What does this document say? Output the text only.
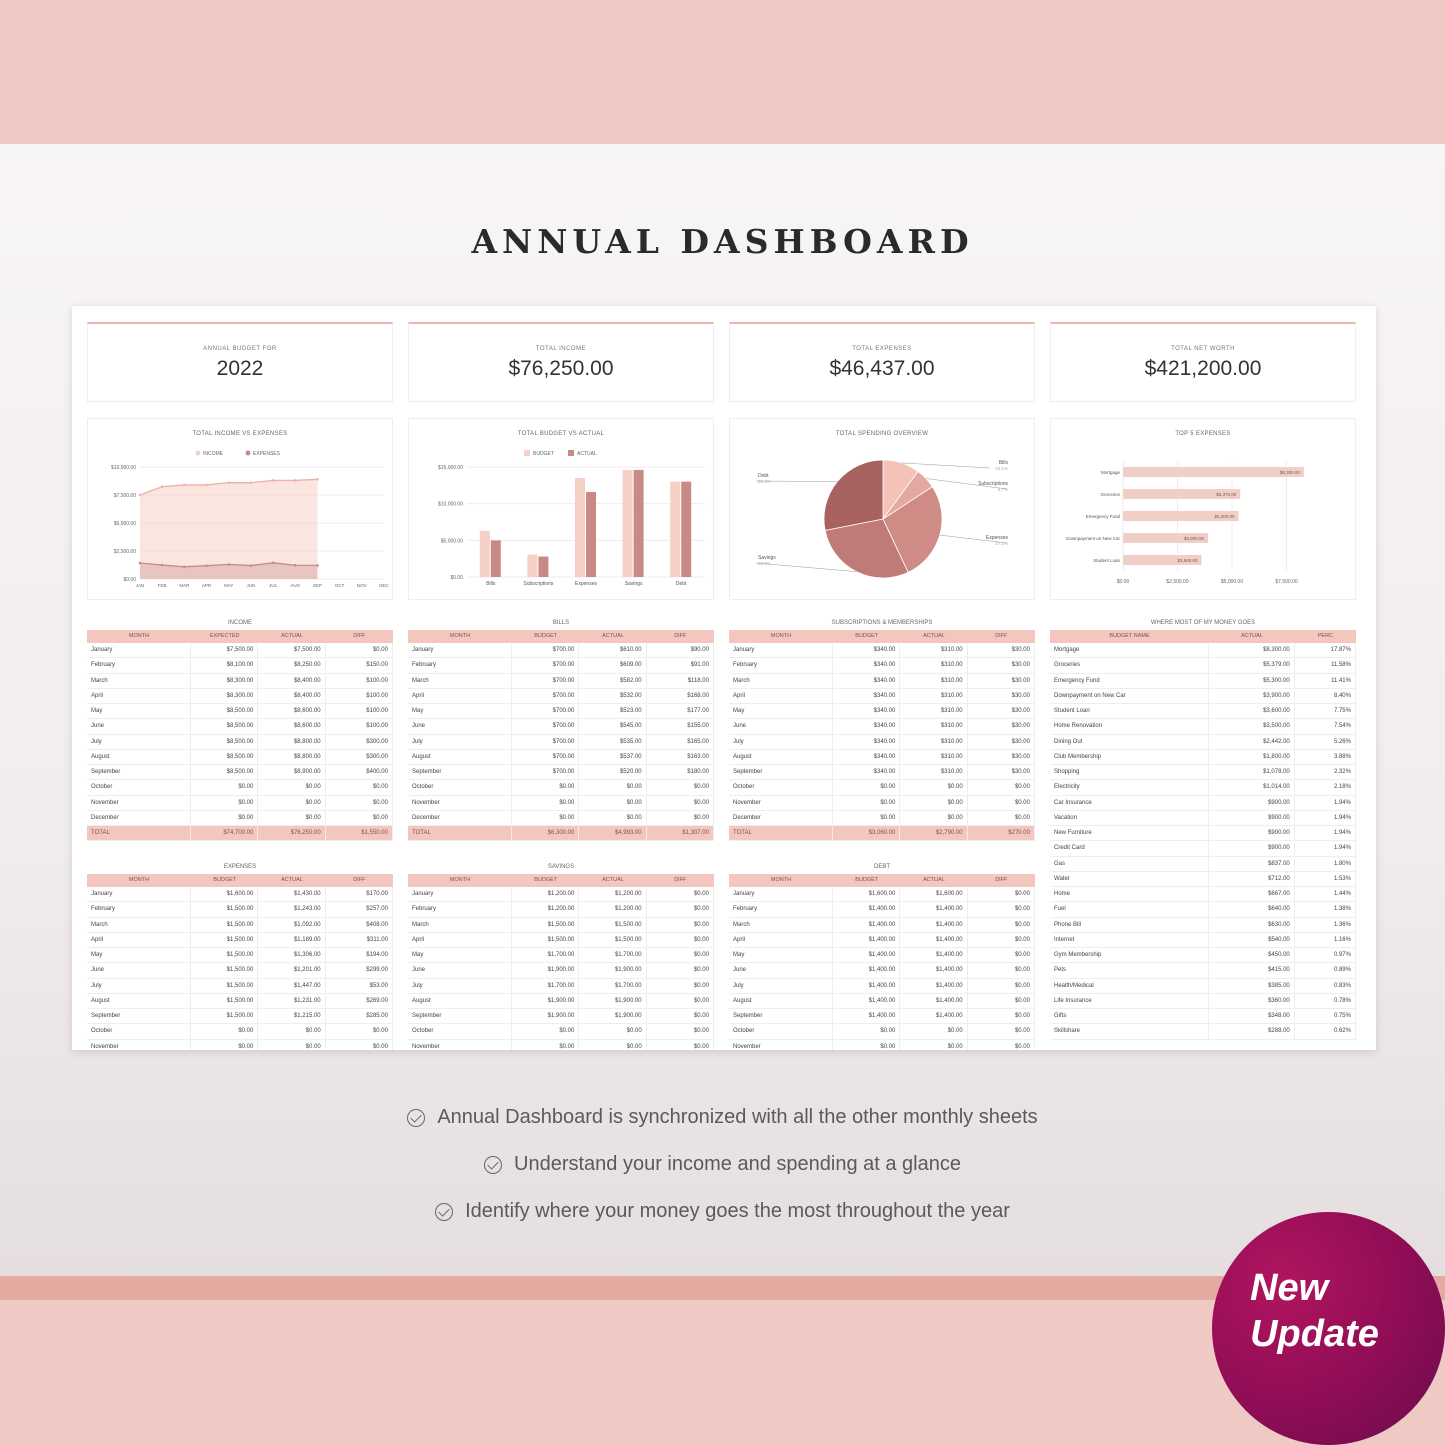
ANNUAL DASHBOARD
ANNUAL BUDGET FOR
2022
TOTAL INCOME
$76,250.00
TOTAL EXPENSES
$46,437.00
TOTAL NET WORTH
$421,200.00
TOTAL INCOME VS EXPENSES
$10,000.00
$7,500.00
$5,000.00
$2,500.00
$0.00
JAN	FEB	MAR	APR	MAY	JUN	JUL	AUG	SEP	OCT	NOV	DEC
INCOME	EXPENSES
TOTAL BUDGET VS ACTUAL
$15,000.00
$10,000.00
$5,000.00
$0.00
Bills	Subscriptions	Expenses	Savings	Debt
BUDGET	ACTUAL
TOTAL SPENDING OVERVIEW
Bills
10.1%
Subscriptions
5.7%
Expenses
27.2%
Savings
28.9%
Debt
28.1%
TOP 5 EXPENSES
$0.00	$2,500.00	$5,000.00	$7,500.00
$8,300.00
Mortgage
$5,379.00
Groceries
$5,300.00
Emergency Fund
$3,900.00
Downpayment on New Car
$3,600.00
Student Loan
INCOME
MONTH	EXPECTED	ACTUAL	DIFF
January	$7,500.00	$7,500.00	$0.00
February	$8,100.00	$8,250.00	$150.00
March	$8,300.00	$8,400.00	$100.00
April	$8,300.00	$8,400.00	$100.00
May	$8,500.00	$8,600.00	$100.00
June	$8,500.00	$8,600.00	$100.00
July	$8,500.00	$8,800.00	$300.00
August	$8,500.00	$8,800.00	$300.00
September	$8,500.00	$8,900.00	$400.00
October	$0.00	$0.00	$0.00
November	$0.00	$0.00	$0.00
December	$0.00	$0.00	$0.00
TOTAL	$74,700.00	$76,250.00	$1,550.00
BILLS
MONTH	BUDGET	ACTUAL	DIFF
January	$700.00	$610.00	$90.00
February	$700.00	$609.00	$91.00
March	$700.00	$582.00	$118.00
April	$700.00	$532.00	$168.00
May	$700.00	$523.00	$177.00
June	$700.00	$545.00	$155.00
July	$700.00	$535.00	$165.00
August	$700.00	$537.00	$163.00
September	$700.00	$520.00	$180.00
October	$0.00	$0.00	$0.00
November	$0.00	$0.00	$0.00
December	$0.00	$0.00	$0.00
TOTAL	$6,300.00	$4,993.00	$1,307.00
SUBSCRIPTIONS & MEMBERSHIPS
MONTH	BUDGET	ACTUAL	DIFF
January	$340.00	$310.00	$30.00
February	$340.00	$310.00	$30.00
March	$340.00	$310.00	$30.00
April	$340.00	$310.00	$30.00
May	$340.00	$310.00	$30.00
June	$340.00	$310.00	$30.00
July	$340.00	$310.00	$30.00
August	$340.00	$310.00	$30.00
September	$340.00	$310.00	$30.00
October	$0.00	$0.00	$0.00
November	$0.00	$0.00	$0.00
December	$0.00	$0.00	$0.00
TOTAL	$3,060.00	$2,790.00	$270.00
WHERE MOST OF MY MONEY GOES
BUDGET NAME	ACTUAL	PERC
Mortgage	$8,300.00	17.87%
Groceries	$5,379.00	11.58%
Emergency Fund	$5,300.00	11.41%
Downpayment on New Car	$3,900.00	8.40%
Student Loan	$3,600.00	7.75%
Home Renovation	$3,500.00	7.54%
Dining Out	$2,442.00	5.26%
Club Membership	$1,800.00	3.88%
Shopping	$1,078.00	2.32%
Electricity	$1,014.00	2.18%
Car Insurance	$900.00	1.94%
Vacation	$900.00	1.94%
New Furniture	$900.00	1.94%
Credit Card	$900.00	1.94%
Gas	$837.00	1.80%
Water	$712.00	1.53%
Home	$667.00	1.44%
Fuel	$640.00	1.38%
Phone Bill	$630.00	1.36%
Internet	$540.00	1.16%
Gym Membership	$450.00	0.97%
Pets	$415.00	0.89%
Health/Medical	$385.00	0.83%
Life Insurance	$360.00	0.78%
Gifts	$348.00	0.75%
Skillshare	$288.00	0.62%
EXPENSES
MONTH	BUDGET	ACTUAL	DIFF
January	$1,600.00	$1,430.00	$170.00
February	$1,500.00	$1,243.00	$257.00
March	$1,500.00	$1,092.00	$408.00
April	$1,500.00	$1,189.00	$311.00
May	$1,500.00	$1,306.00	$194.00
June	$1,500.00	$1,201.00	$299.00
July	$1,500.00	$1,447.00	$53.00
August	$1,500.00	$1,231.00	$269.00
September	$1,500.00	$1,215.00	$285.00
October	$0.00	$0.00	$0.00
November	$0.00	$0.00	$0.00
SAVINGS
MONTH	BUDGET	ACTUAL	DIFF
January	$1,200.00	$1,200.00	$0.00
February	$1,200.00	$1,200.00	$0.00
March	$1,500.00	$1,500.00	$0.00
April	$1,500.00	$1,500.00	$0.00
May	$1,700.00	$1,700.00	$0.00
June	$1,900.00	$1,900.00	$0.00
July	$1,700.00	$1,700.00	$0.00
August	$1,900.00	$1,900.00	$0.00
September	$1,900.00	$1,900.00	$0.00
October	$0.00	$0.00	$0.00
November	$0.00	$0.00	$0.00
DEBT
MONTH	BUDGET	ACTUAL	DIFF
January	$1,600.00	$1,600.00	$0.00
February	$1,400.00	$1,400.00	$0.00
March	$1,400.00	$1,400.00	$0.00
April	$1,400.00	$1,400.00	$0.00
May	$1,400.00	$1,400.00	$0.00
June	$1,400.00	$1,400.00	$0.00
July	$1,400.00	$1,400.00	$0.00
August	$1,400.00	$1,400.00	$0.00
September	$1,400.00	$1,400.00	$0.00
October	$0.00	$0.00	$0.00
November	$0.00	$0.00	$0.00
Annual Dashboard is synchronized with all the other monthly sheets
Understand your income and spending at a glance
Identify where your money goes the most throughout the year
New
Update
